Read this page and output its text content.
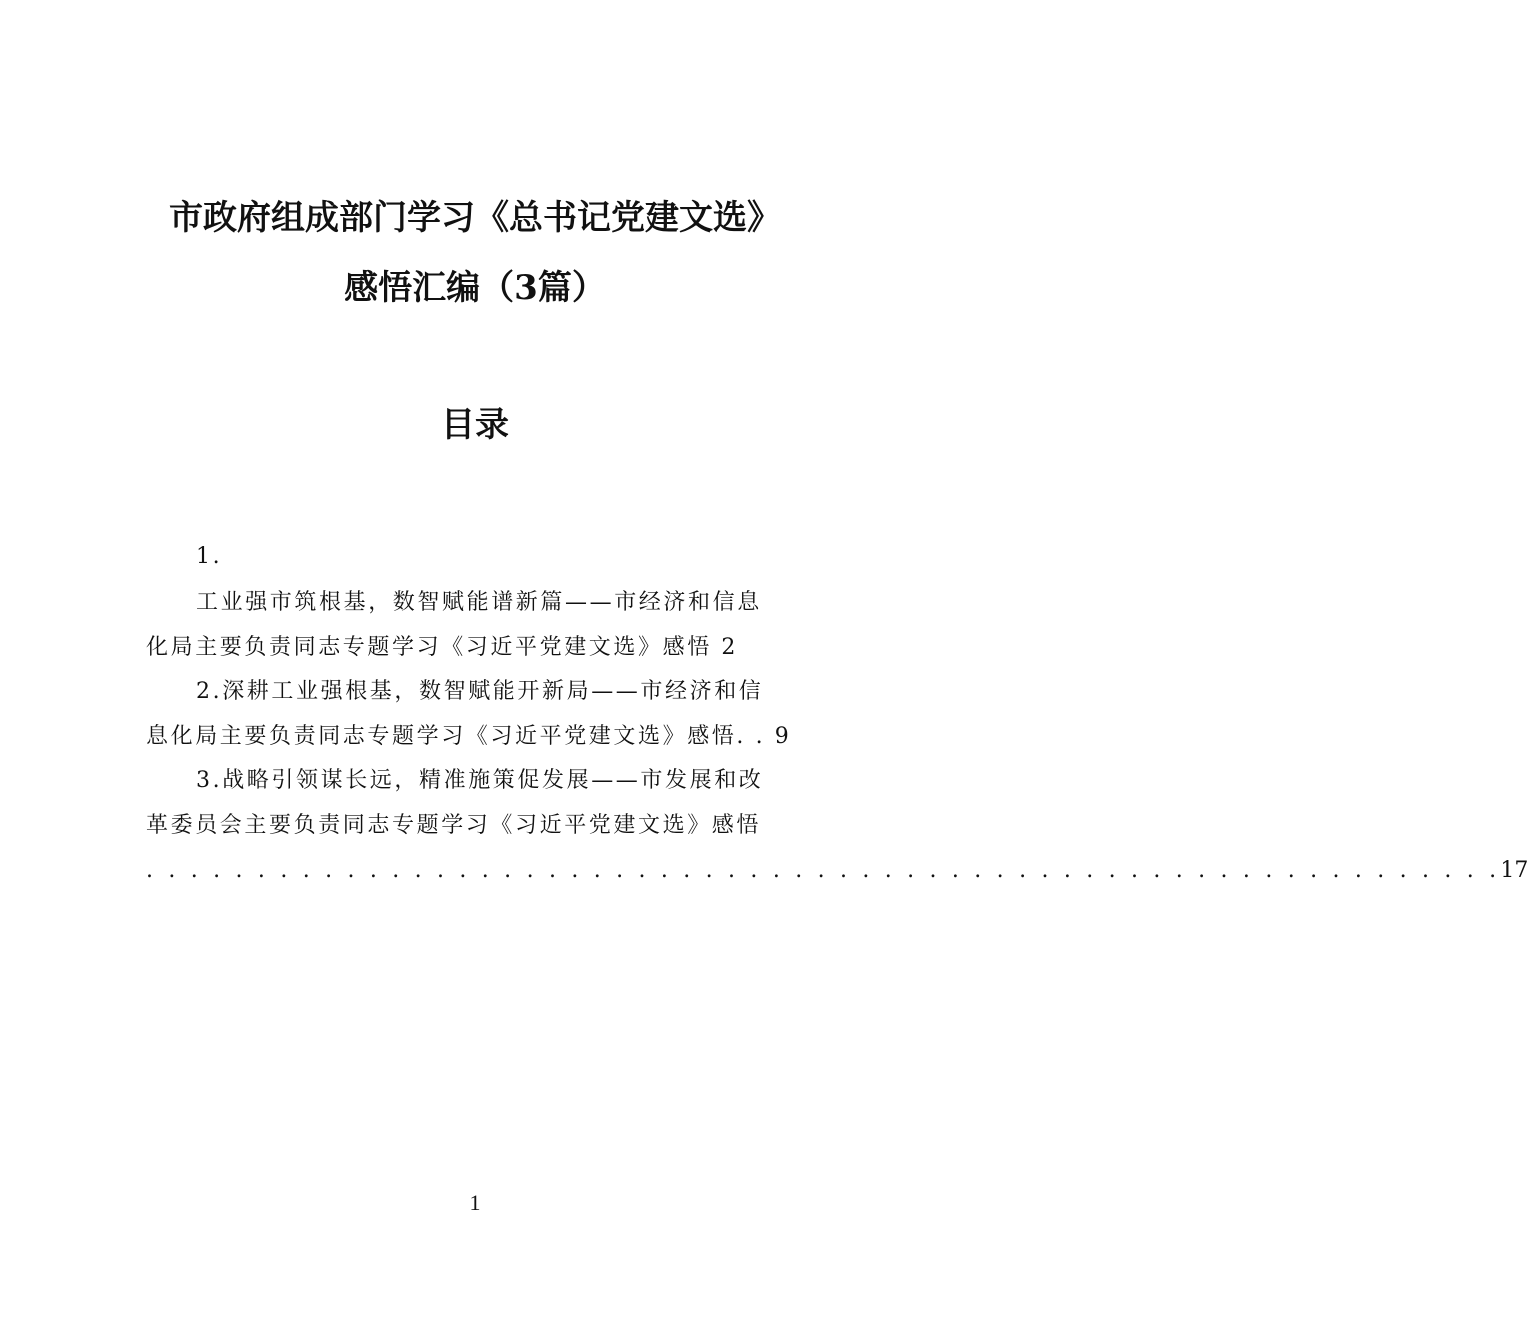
市政府组成部门学习《总书记党建文选》
感悟汇编（3篇）
目录
1.
工业强市筑根基，数智赋能谱新篇——市经济和信息
化局主要负责同志专题学习《习近平党建文选》感悟 2
2.深耕工业强根基，数智赋能开新局——市经济和信
息化局主要负责同志专题学习《习近平党建文选》感悟. . 9
3.战略引领谋长远，精准施策促发展——市发展和改
革委员会主要负责同志专题学习《习近平党建文选》感悟
. . . . . . . . . . . . . . . . . . . . . . . . . . . . . . . . . . . . . . . . . . . . . . . . . . . . . . . . . . . . . 17
1
